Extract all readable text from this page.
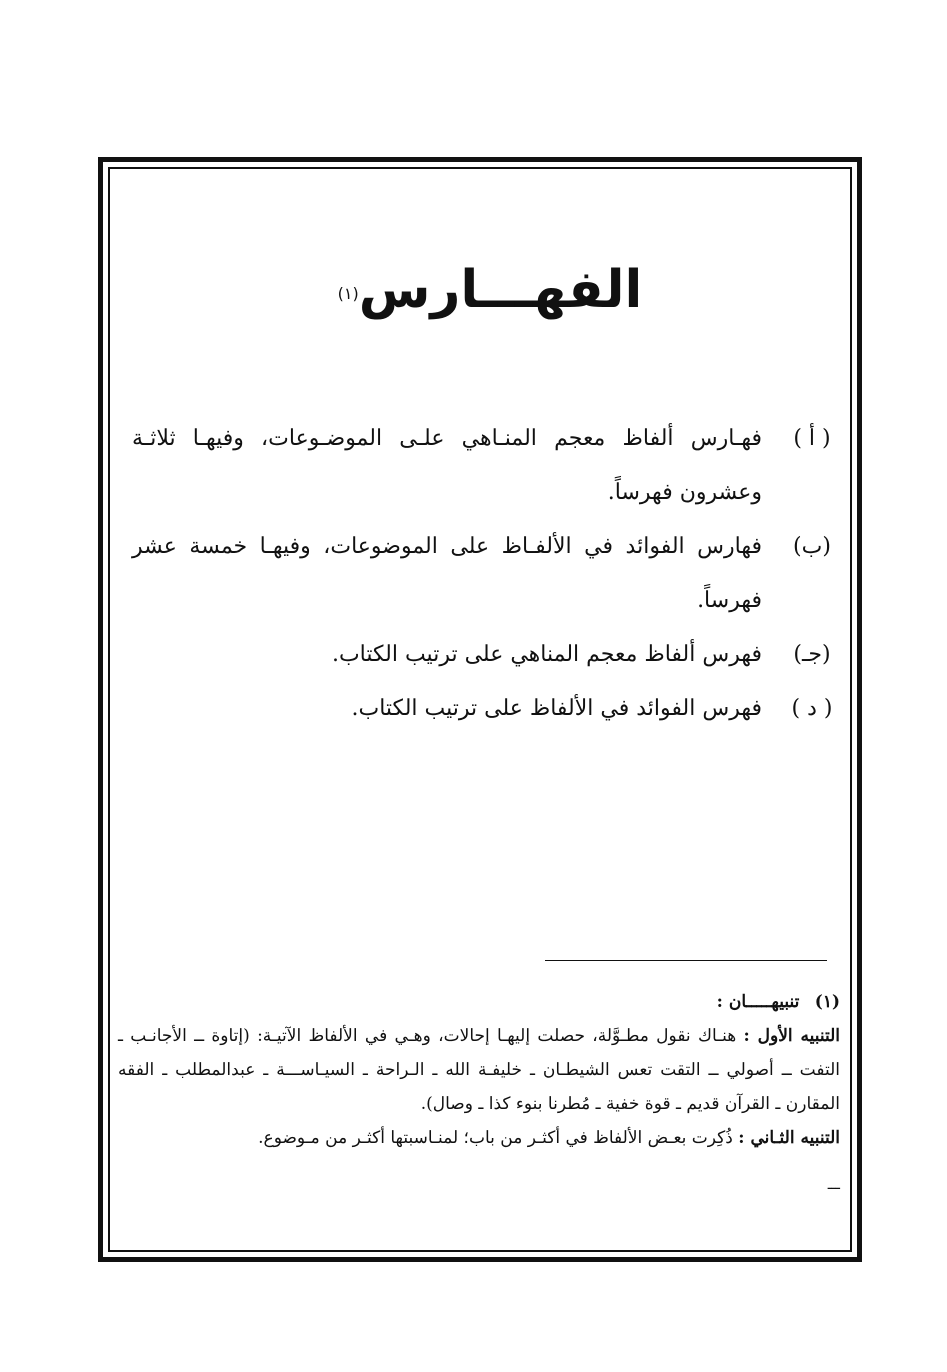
الفهـــارس$^{(١)}$
( أ )
فهـارس ألفاظ معجم المنـاهي علـى الموضـوعات، وفيهـا ثلاثـة وعشرون فهرساً.
(ب)
فهارس الفوائد في الألفـاظ على الموضوعات، وفيهـا خمسة عشر فهرساً.
(جـ)
فهرس ألفاظ معجم المناهي على ترتيب الكتاب.
( د )
فهرس الفوائد في الألفاظ على ترتيب الكتاب.
(١) تنبيهـــــان :
التنبيه الأول : هنـاك نقول مطـوَّلة، حصلت إليهـا إحالات، وهـي في الألفاظ الآتيـة: (إتاوة ــ الأجانـب ـ التفت ــ أصولي ــ التقت تعس الشيطـان ـ خليفـة الله ـ الـراحة ـ السيـاســـة ـ عبدالمطلب ـ الفقه المقارن ـ القرآن قديم ـ قوة خفية ـ مُطرنا بنوء كذا ـ وصال).
التنبيه الثـاني : ذُكِرت بعـض الألفاظ في أكثـر من باب؛ لمنـاسبتها أكثـر من مـوضوع.
ـــ
